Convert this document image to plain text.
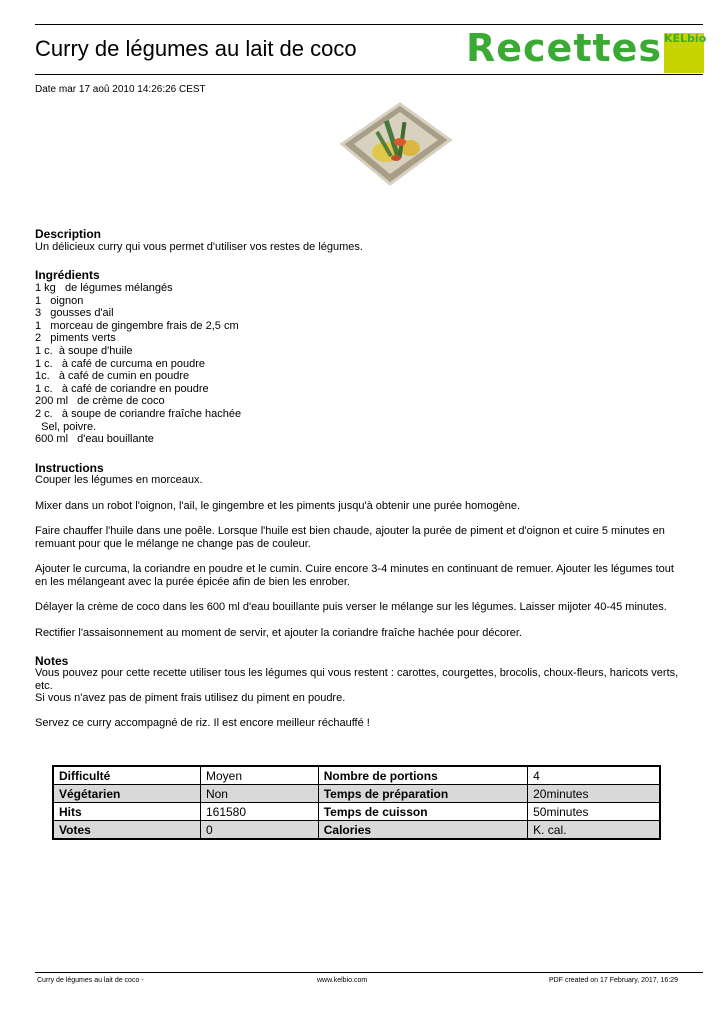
Curry de légumes au lait de coco	Recettes KELbio
Date mar 17 aoû 2010 14:26:26 CEST
Description
Un délicieux curry qui vous permet d'utiliser vos restes de légumes.
Ingrédients
1 kg   de légumes mélangés
1   oignon
3   gousses d'ail
1   morceau de gingembre frais de 2,5 cm
2   piments verts
1 c.  à soupe d'huile
1 c.   à café de curcuma en poudre
1c.   à café de cumin en poudre
1 c.   à café de coriandre en poudre
200 ml   de crème de coco
2 c.   à soupe de coriandre fraîche hachée
Sel, poivre.
600 ml   d'eau bouillante
Instructions
Couper les légumes en morceaux.
Mixer dans un robot l'oignon, l'ail, le gingembre et les piments jusqu'à obtenir une purée homogène.
Faire chauffer l'huile dans une poêle. Lorsque l'huile est bien chaude, ajouter la purée de piment et d'oignon et cuire 5 minutes en remuant pour que le mélange ne change pas de couleur.
Ajouter le curcuma, la coriandre en poudre et le cumin. Cuire encore 3-4 minutes en continuant de remuer. Ajouter les légumes tout en les mélangeant avec la purée épicée afin de bien les enrober.
Délayer la crème de coco dans les 600 ml d'eau bouillante puis verser le mélange sur les légumes. Laisser mijoter 40-45 minutes.
Rectifier l'assaisonnement au moment de servir, et ajouter la coriandre fraîche hachée pour décorer.
Notes
Vous pouvez pour cette recette utiliser tous les légumes qui vous restent : carottes, courgettes, brocolis, choux-fleurs, haricots verts, etc.
Si vous n'avez pas de piment frais utilisez du piment en poudre.
Servez ce curry accompagné de riz. Il est encore meilleur réchauffé !
Difficulté	Moyen	Nombre de portions	4
Végétarien	Non	Temps de préparation	20minutes
Hits	161580	Temps de cuisson	50minutes
Votes	0	Calories	K. cal.
Curry de légumes au lait de coco -	www.kelbio.com	PDF created on 17 February, 2017, 16:29
